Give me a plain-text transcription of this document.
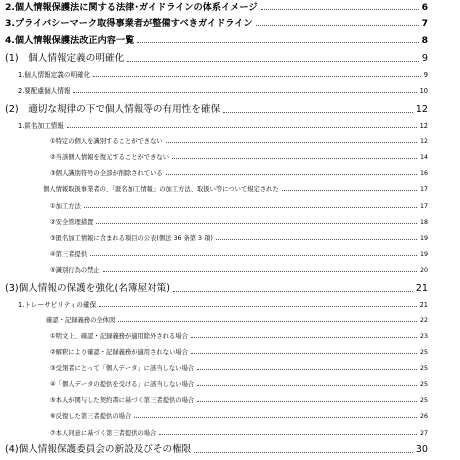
2.個人情報保護法に関する法律･ガイドラインの体系イメージ	6
3.プライバシーマーク取得事業者が整備すべきガイドライン	7
4.個人情報保護法改正内容一覧	8
(1)　個人情報定義の明確化	9
1.個人情報定義の明確化	9
2.要配慮個人情報	10
(2)　適切な規律の下で個人情報等の有用性を確保	12
1.匿名加工情報	12
①特定の個人を識別することができない	12
②当該個人情報を復元することができない	14
③個人識別符号の全部が削除されている	16
個人情報取扱事業者の、「匿名加工情報」の加工方法、取扱い等について規定された	17
①加工方法	17
②安全管理措置	18
③匿名加工情報に含まれる項目の公表(個法 36 条第 3 項)	19
④第三者提供	19
⑤識別行為の禁止	20
(3)個人情報の保護を強化(名簿屋対策)	21
1.トレーサビリティの確保	21
確認・記録義務の全体図	22
①明文上、確認・記録義務が適用除外される場合	23
②解釈により確認・記録義務が適用されない場合	25
③受領者にとって「個人データ」に該当しない場合	25
④「個人データの提供を受ける」に該当しない場合	25
⑤本人が関与した契約書に基づく第三者提供の場合	25
⑥反復した第三者提供の場合	26
⑦本人同意に基づく第三者提供の場合	27
(4)個人情報保護委員会の新設及びその権限	30
